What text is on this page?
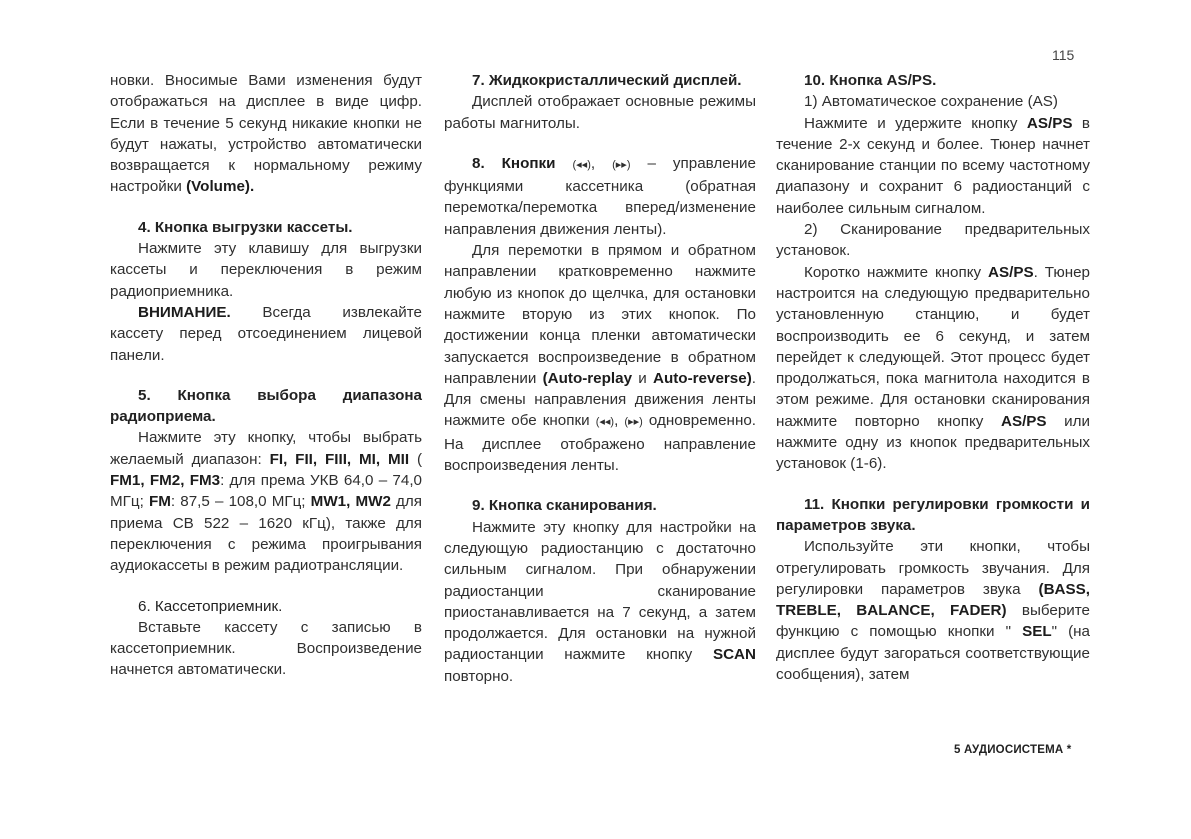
115

новки. Вносимые Вами изменения будут отображаться на дисплее в виде цифр. Если в течение 5 секунд никакие кнопки не будут нажаты, устройство автоматически возвращается к нормальному режиму настройки (Volume).

4. Кнопка выгрузки кассеты.

Нажмите эту клавишу для выгрузки кассеты и переключения в режим радиоприемника.

ВНИМАНИЕ. Всегда извлекайте кассету перед отсоединением лицевой панели.

5. Кнопка выбора диапазона радиоприема.

Нажмите эту кнопку, чтобы выбрать желаемый диапазон: FI, FII, FIII, MI, MII ( FM1, FM2, FM3: для према УКВ 64,0 – 74,0 МГц; FM: 87,5 – 108,0 МГц; MW1, MW2 для приема СВ 522 – 1620 кГц), также для переключения с режима проигрывания аудиокассеты в режим радиотрансляции.

6. Кассетоприемник.

Вставьте кассету с записью в кассетоприемник. Воспроизведение начнется автоматически.

7. Жидкокристаллический дисплей.

Дисплей отображает основные режимы работы магнитолы.

8. Кнопки (◂◂), (▸▸) – управление функциями кассетника (обратная перемотка/перемотка вперед/изменение направления движения ленты).

Для перемотки в прямом и обратном направлении кратковременно нажмите любую из кнопок до щелчка, для остановки нажмите вторую из этих кнопок. По достижении конца пленки автоматически запускается воспроизведение в обратном направлении (Auto-replay и Auto-reverse). Для смены направления движения ленты нажмите обе кнопки (◂◂), (▸▸) одновременно. На дисплее отображено направление воспроизведения ленты.

9. Кнопка сканирования.

Нажмите эту кнопку для настройки на следующую радиостанцию с достаточно сильным сигналом. При обнаружении радиостанции сканирование приостанавливается на 7 секунд, а затем продолжается. Для остановки на нужной радиостанции нажмите кнопку SCAN повторно.

10. Кнопка AS/PS.

1) Автоматическое сохранение (AS)

Нажмите и удержите кнопку AS/PS в течение 2-х секунд и более. Тюнер начнет сканирование станции по всему частотному диапазону и сохранит 6 радиостанций с наиболее сильным сигналом.

2) Сканирование предварительных установок.

Коротко нажмите кнопку AS/PS. Тюнер настроится на следующую предварительно установленную станцию, и будет воспроизводить ее 6 секунд, и затем перейдет к следующей. Этот процесс будет продолжаться, пока магнитола находится в этом режиме. Для остановки сканирования нажмите повторно кнопку AS/PS или нажмите одну из кнопок предварительных установок (1-6).

11. Кнопки регулировки громкости и параметров звука.

Используйте эти кнопки, чтобы отрегулировать громкость звучания. Для регулировки параметров звука (BASS, TREBLE, BALANCE, FADER) выберите функцию с помощью кнопки " SEL" (на дисплее будут загораться соответствующие сообщения), затем

5 АУДИОСИСТЕМА *
